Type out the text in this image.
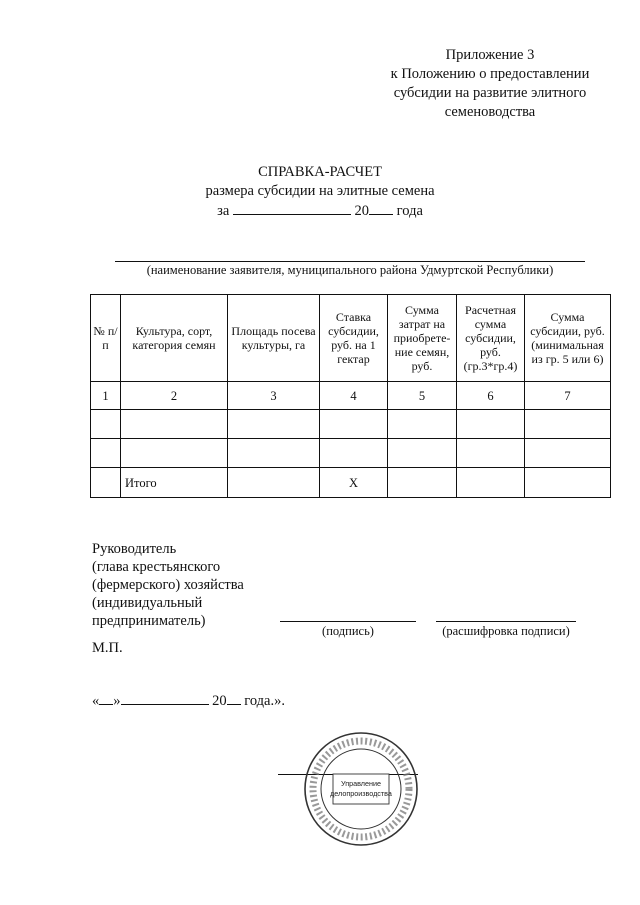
Приложение 3
к Положению о предоставлении
субсидии на развитие элитного
семеноводства
СПРАВКА-РАСЧЕТ
размера субсидии на элитные семена
за	20 года
(наименование заявителя, муниципального района Удмуртской Республики)
№ п/п	Культура, сорт, категория семян	Площадь посева культуры, га	Ставка субсидии, руб. на 1 гектар	Сумма затрат на приобрете-ние семян, руб.	Расчетная сумма субсидии, руб. (гр.3*гр.4)	Сумма субсидии, руб. (минимальная из гр. 5 или 6)
1	2	3	4	5	6	7

	Итого		X			
Руководитель
(глава крестьянского
(фермерского) хозяйства
(индивидуальный
предприниматель)
(подпись)	(расшифровка подписи)
М.П.
« »	20 года.».
Управление
делопроизводства
